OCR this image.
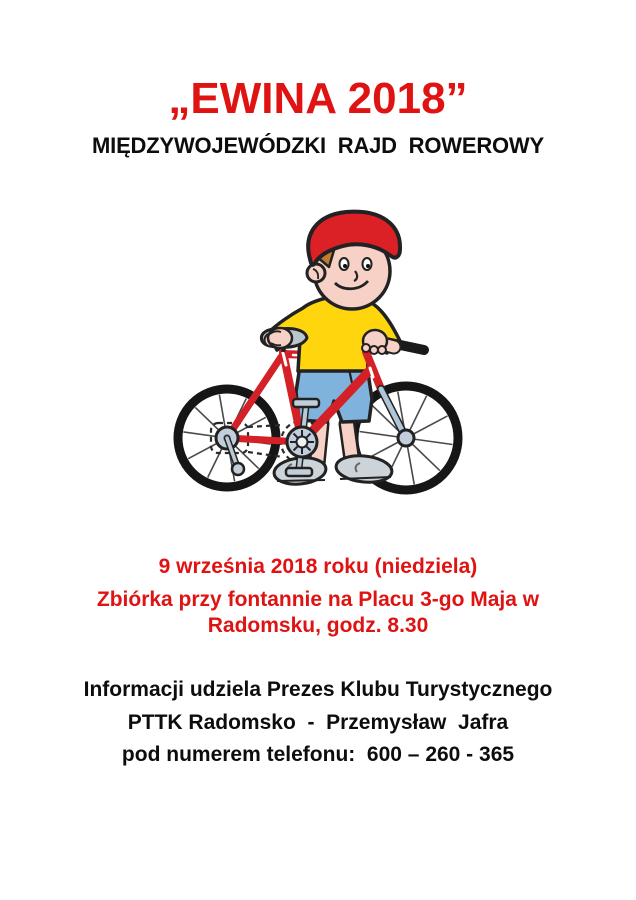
„EWINA 2018”
MIĘDZYWOJEWÓDZKI  RAJD  ROWEROWY

9 września 2018 roku (niedziela)

Zbiórka przy fontannie na Placu 3-go Maja w
Radomsku, godz. 8.30

Informacji udziela Prezes Klubu Turystycznego

PTTK Radomsko  -  Przemysław  Jafra

pod numerem telefonu:  600 – 260 - 365
